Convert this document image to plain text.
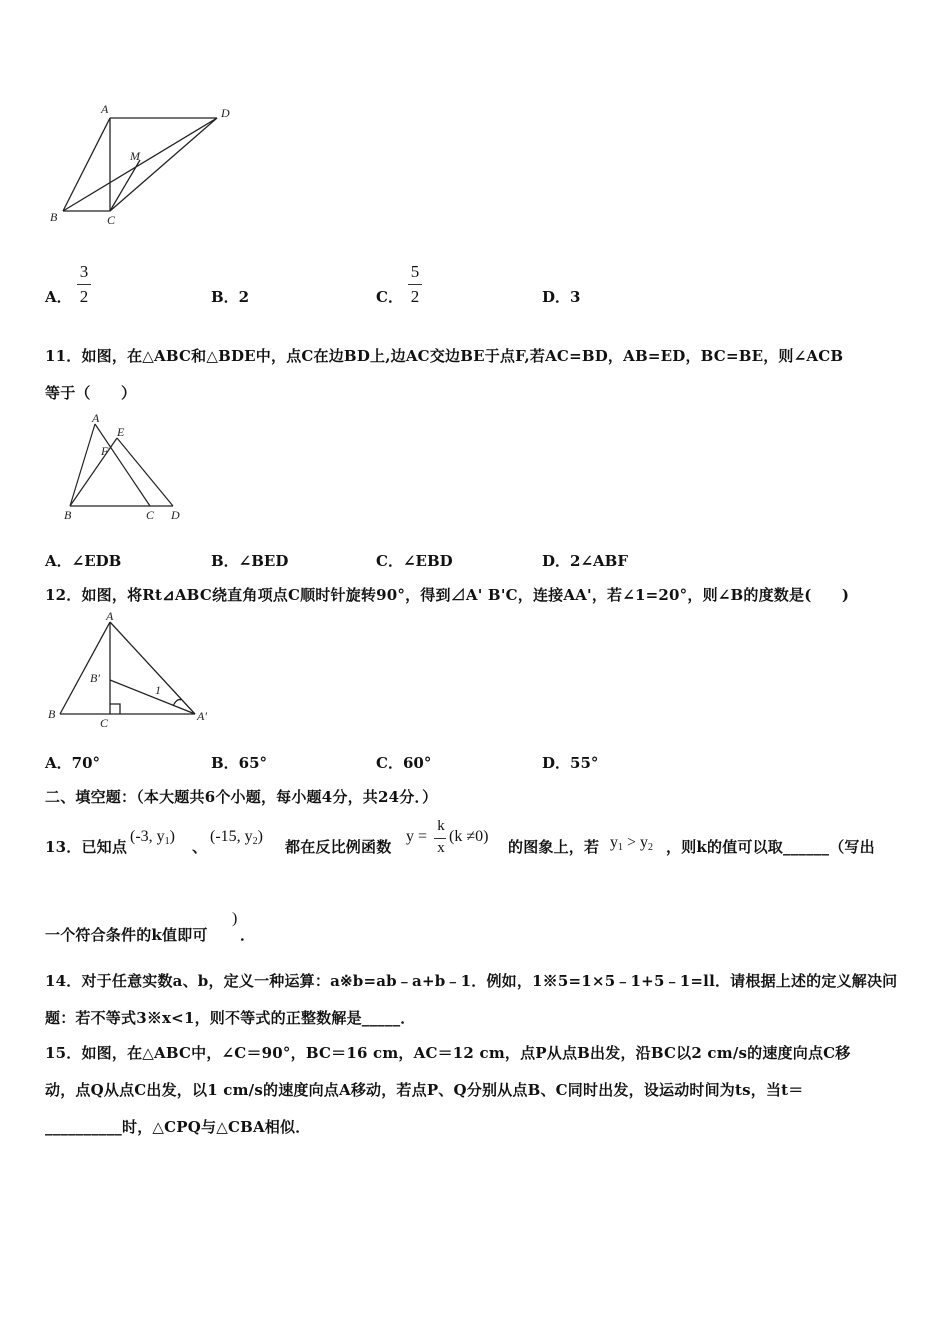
A	D
M
B	C
A．
3
2	B．2	C．
5
2	D．3
11．如图，在△ABC和△BDE中，点C在边BD上,边AC交边BE于点F,若AC=BD，AB=ED，BC=BE，则∠ACB
等于（　　）
A
E
F
B	C D
A．∠EDB	B．∠BED	C．∠EBD	D．2∠ABF
12．如图，将Rt⊿ABC绕直角项点C顺时针旋转90°，得到⊿A' B'C，连接AA'，若∠1=20°，则∠B的度数是(　　)
A
B′
1
B
C	A′
A．70°	B．65°	C．60°	D．55°
二、填空题：（本大题共6个小题，每小题4分，共24分．）
13．已知点
(-3, $y_1$)
、
(-15, $y_2$)
都在反比例函数
y =
k
x
(k ≠0)
的图象上，若 $y_1 > y_2$ ，则k的值可以取______（写出
一个符合条件的k值即可
)
．
14．对于任意实数a、b，定义一种运算：a※b=ab﹣a+b﹣1．例如，1※5=1×5﹣1+5﹣1=ll．请根据上述的定义解决问
题：若不等式3※x<1，则不等式的正整数解是_____．
15．如图，在△ABC中，∠C＝90°，BC＝16 cm，AC＝12 cm，点P从点B出发，沿BC以2 cm/s的速度向点C移
动，点Q从点C出发，以1 cm/s的速度向点A移动，若点P、Q分别从点B、C同时出发，设运动时间为ts，当t＝
__________时，△CPQ与△CBA相似．
